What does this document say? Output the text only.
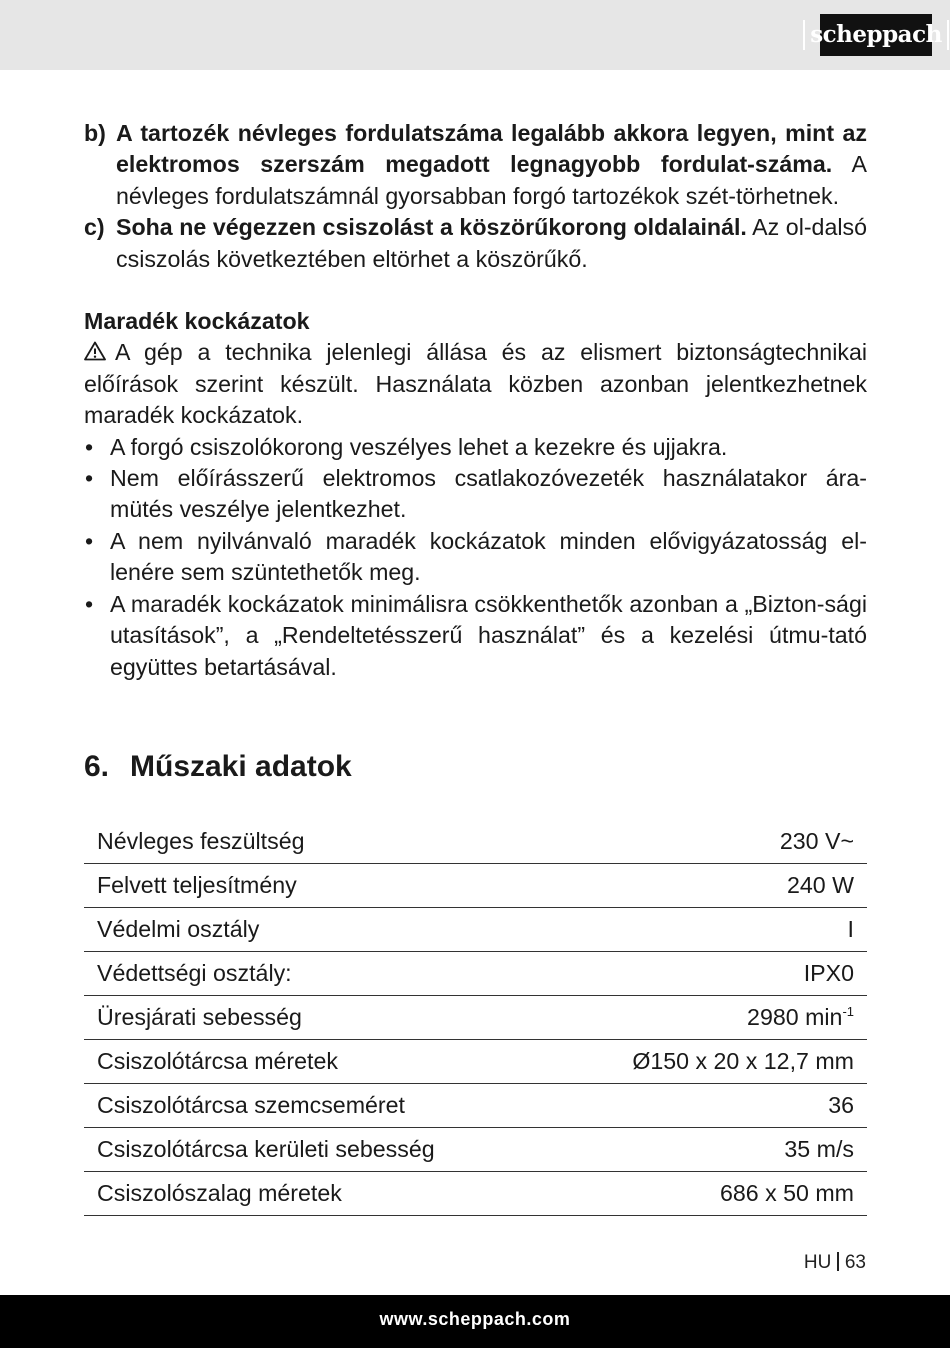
scheppach
b) A tartozék névleges fordulatszáma legalább akkora legyen, mint az elektromos szerszám megadott legnagyobb fordulat-száma. A névleges fordulatszámnál gyorsabban forgó tartozékok szét-törhetnek.
c) Soha ne végezzen csiszolást a köszörűkorong oldalainál. Az ol-dalsó csiszolás következtében eltörhet a köszörűkő.
Maradék kockázatok
A gép a technika jelenlegi állása és az elismert biztonságtechnikai előírások szerint készült. Használata közben azonban jelentkezhetnek maradék kockázatok.
• A forgó csiszolókorong veszélyes lehet a kezekre és ujjakra.
• Nem előírásszerű elektromos csatlakozóvezeték használatakor ára-mütés veszélye jelentkezhet.
• A nem nyilvánvaló maradék kockázatok minden elővigyázatosság el-lenére sem szüntethetők meg.
• A maradék kockázatok minimálisra csökkenthetők azonban a „Bizton-sági utasítások”, a „Rendeltetésszerű használat” és a kezelési útmu-tató együttes betartásával.
6. Műszaki adatok
Névleges feszültség	230 V~
Felvett teljesítmény	240 W
Védelmi osztály	I
Védettségi osztály:	IPX0
Üresjárati sebesség	2980 $\min^{-1}$
Csiszolótárcsa méretek	Ø150 x 20 x 12,7 mm
Csiszolótárcsa szemcseméret	36
Csiszolótárcsa kerületi sebesség	35 m/s
Csiszolószalag méretek	686 x 50 mm
HU 63
www.scheppach.com
